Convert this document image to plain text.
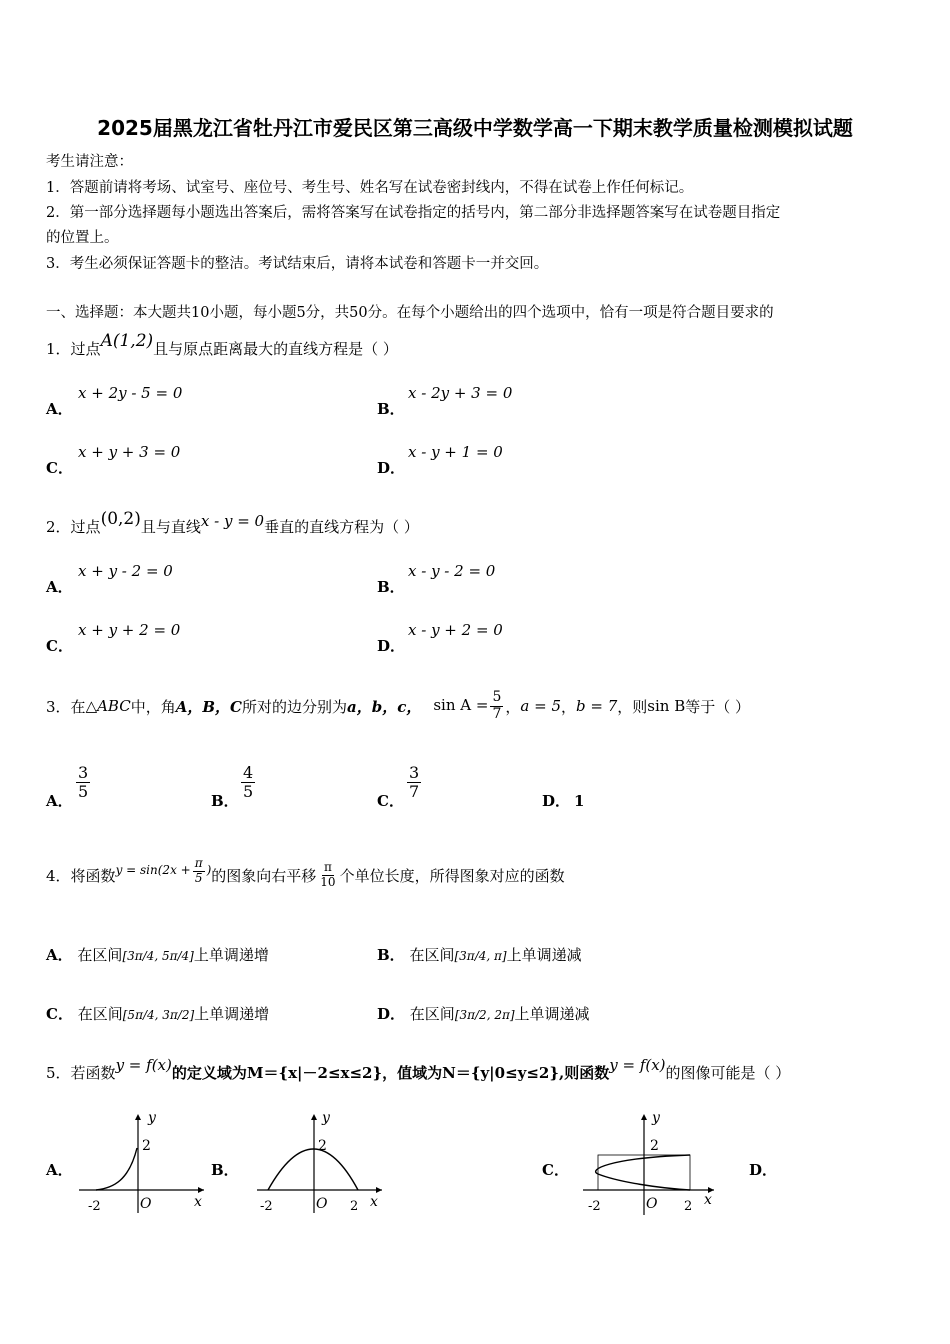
2025届黑龙江省牡丹江市爱民区第三高级中学数学高一下期末教学质量检测模拟试题
考生请注意：
1．答题前请将考场、试室号、座位号、考生号、姓名写在试卷密封线内，不得在试卷上作任何标记。
2．第一部分选择题每小题选出答案后，需将答案写在试卷指定的括号内，第二部分非选择题答案写在试卷题目指定
的位置上。
3．考生必须保证答题卡的整洁。考试结束后，请将本试卷和答题卡一并交回。
一、选择题：本大题共10小题，每小题5分，共50分。在每个小题给出的四个选项中，恰有一项是符合题目要求的
1．过点A(1,2)且与原点距离最大的直线方程是（ ）
A．
x + 2y - 5 = 0
B．
x - 2y + 3 = 0
C．
x + y + 3 = 0
D．
x - y + 1 = 0
2．过点(0,2)且与直线x - y = 0垂直的直线方程为（ ）
A．
x + y - 2 = 0
B．
x - y - 2 = 0
C．
x + y + 2 = 0
D．
x - y + 2 = 0
3． 在 △ABC 中，角 A，B，C 所对的边分别为 a，b，c， $\sin A = \frac{5}{7}$ ， a = 5 ， b = 7 ，则 sin B 等于（ ）
A．
$\frac{3}{5}$
B．
$\frac{4}{5}$
C．
$\frac{3}{7}$
D． 1
4． 将函数 $y = \sin(2x + \frac{\pi}{5}$ ) 的图象向右平移 $\frac{\pi}{10}$ 个单位长度，所得图象对应的函数
A． 在区间[3π/4, 5π/4]上单调递增	B． 在区间[3π/4, π]上单调递减
C． 在区间[5π/4, 3π/2]上单调递增	D． 在区间[3π/2, 2π]上单调递减
5．若函数y = f(x)的定义域为M＝{x|－2≤x≤2}，值域为N＝{y|0≤y≤2},则函数y = f(x)的图像可能是（ ）
A．	B．	C．	D．
y
2
-2	O	x
y
2
-2	O 2 x
y
2
-2	O 2 x
